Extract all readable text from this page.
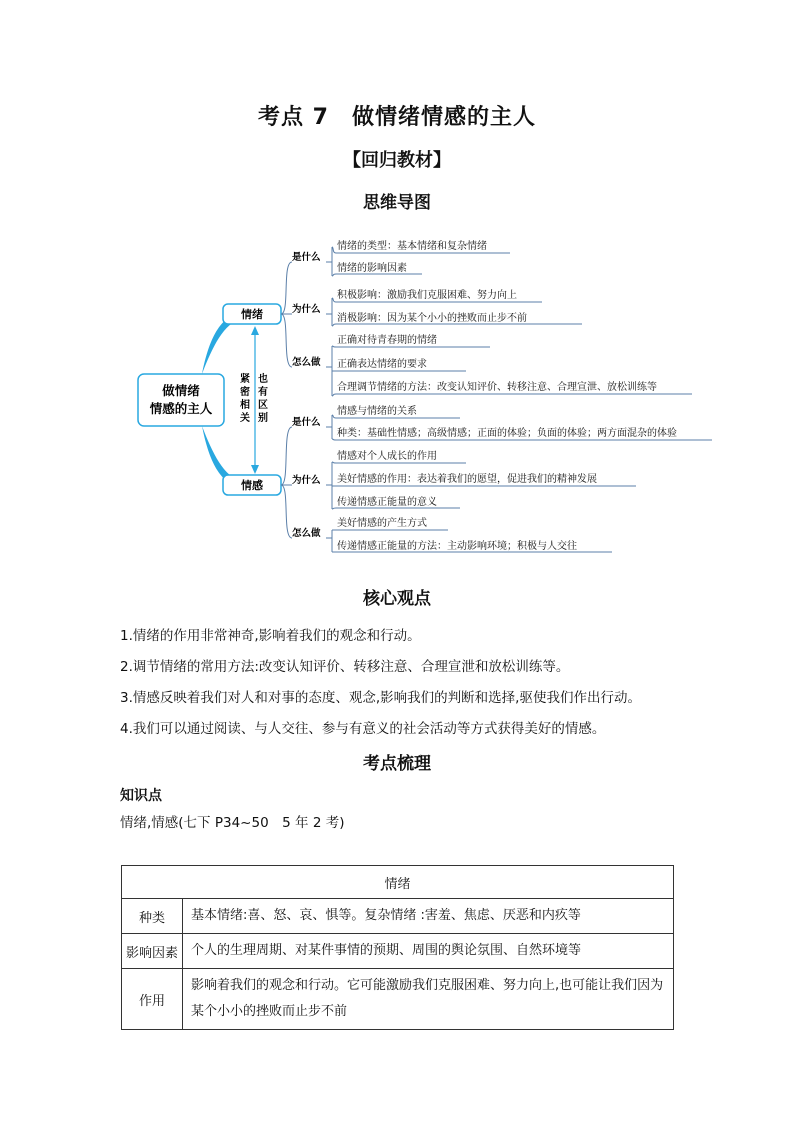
考点 7　做情绪情感的主人
【回归教材】
思维导图
做情绪
情感的主人
情绪
情感
紧
密
相
关
也
有
区
别
是什么
为什么
怎么做
情绪的类型：基本情绪和复杂情绪
情绪的影响因素
积极影响：激励我们克服困难、努力向上
消极影响：因为某个小小的挫败而止步不前
正确对待青春期的情绪
正确表达情绪的要求
合理调节情绪的方法：改变认知评价、转移注意、合理宣泄、放松训练等
是什么
为什么
怎么做
情感与情绪的关系
种类：基础性情感；高级情感；正面的体验；负面的体验；两方面混杂的体验
情感对个人成长的作用
美好情感的作用：表达着我们的愿望，促进我们的精神发展
传递情感正能量的意义
美好情感的产生方式
传递情感正能量的方法：主动影响环境；积极与人交往
核心观点
1.情绪的作用非常神奇,影响着我们的观念和行动。
2.调节情绪的常用方法:改变认知评价、转移注意、合理宣泄和放松训练等。
3.情感反映着我们对人和对事的态度、观念,影响我们的判断和选择,驱使我们作出行动。
4.我们可以通过阅读、与人交往、参与有意义的社会活动等方式获得美好的情感。
考点梳理
知识点
情绪,情感(七下 P34~50　5 年 2 考)
情绪	
种类	基本情绪:喜、怒、哀、惧等。复杂情绪 :害羞、焦虑、厌恶和内疚等
影响因素	个人的生理周期、对某件事情的预期、周围的舆论氛围、自然环境等
作用	影响着我们的观念和行动。它可能激励我们克服困难、努力向上,也可能让我们因为某个小小的挫败而止步不前
